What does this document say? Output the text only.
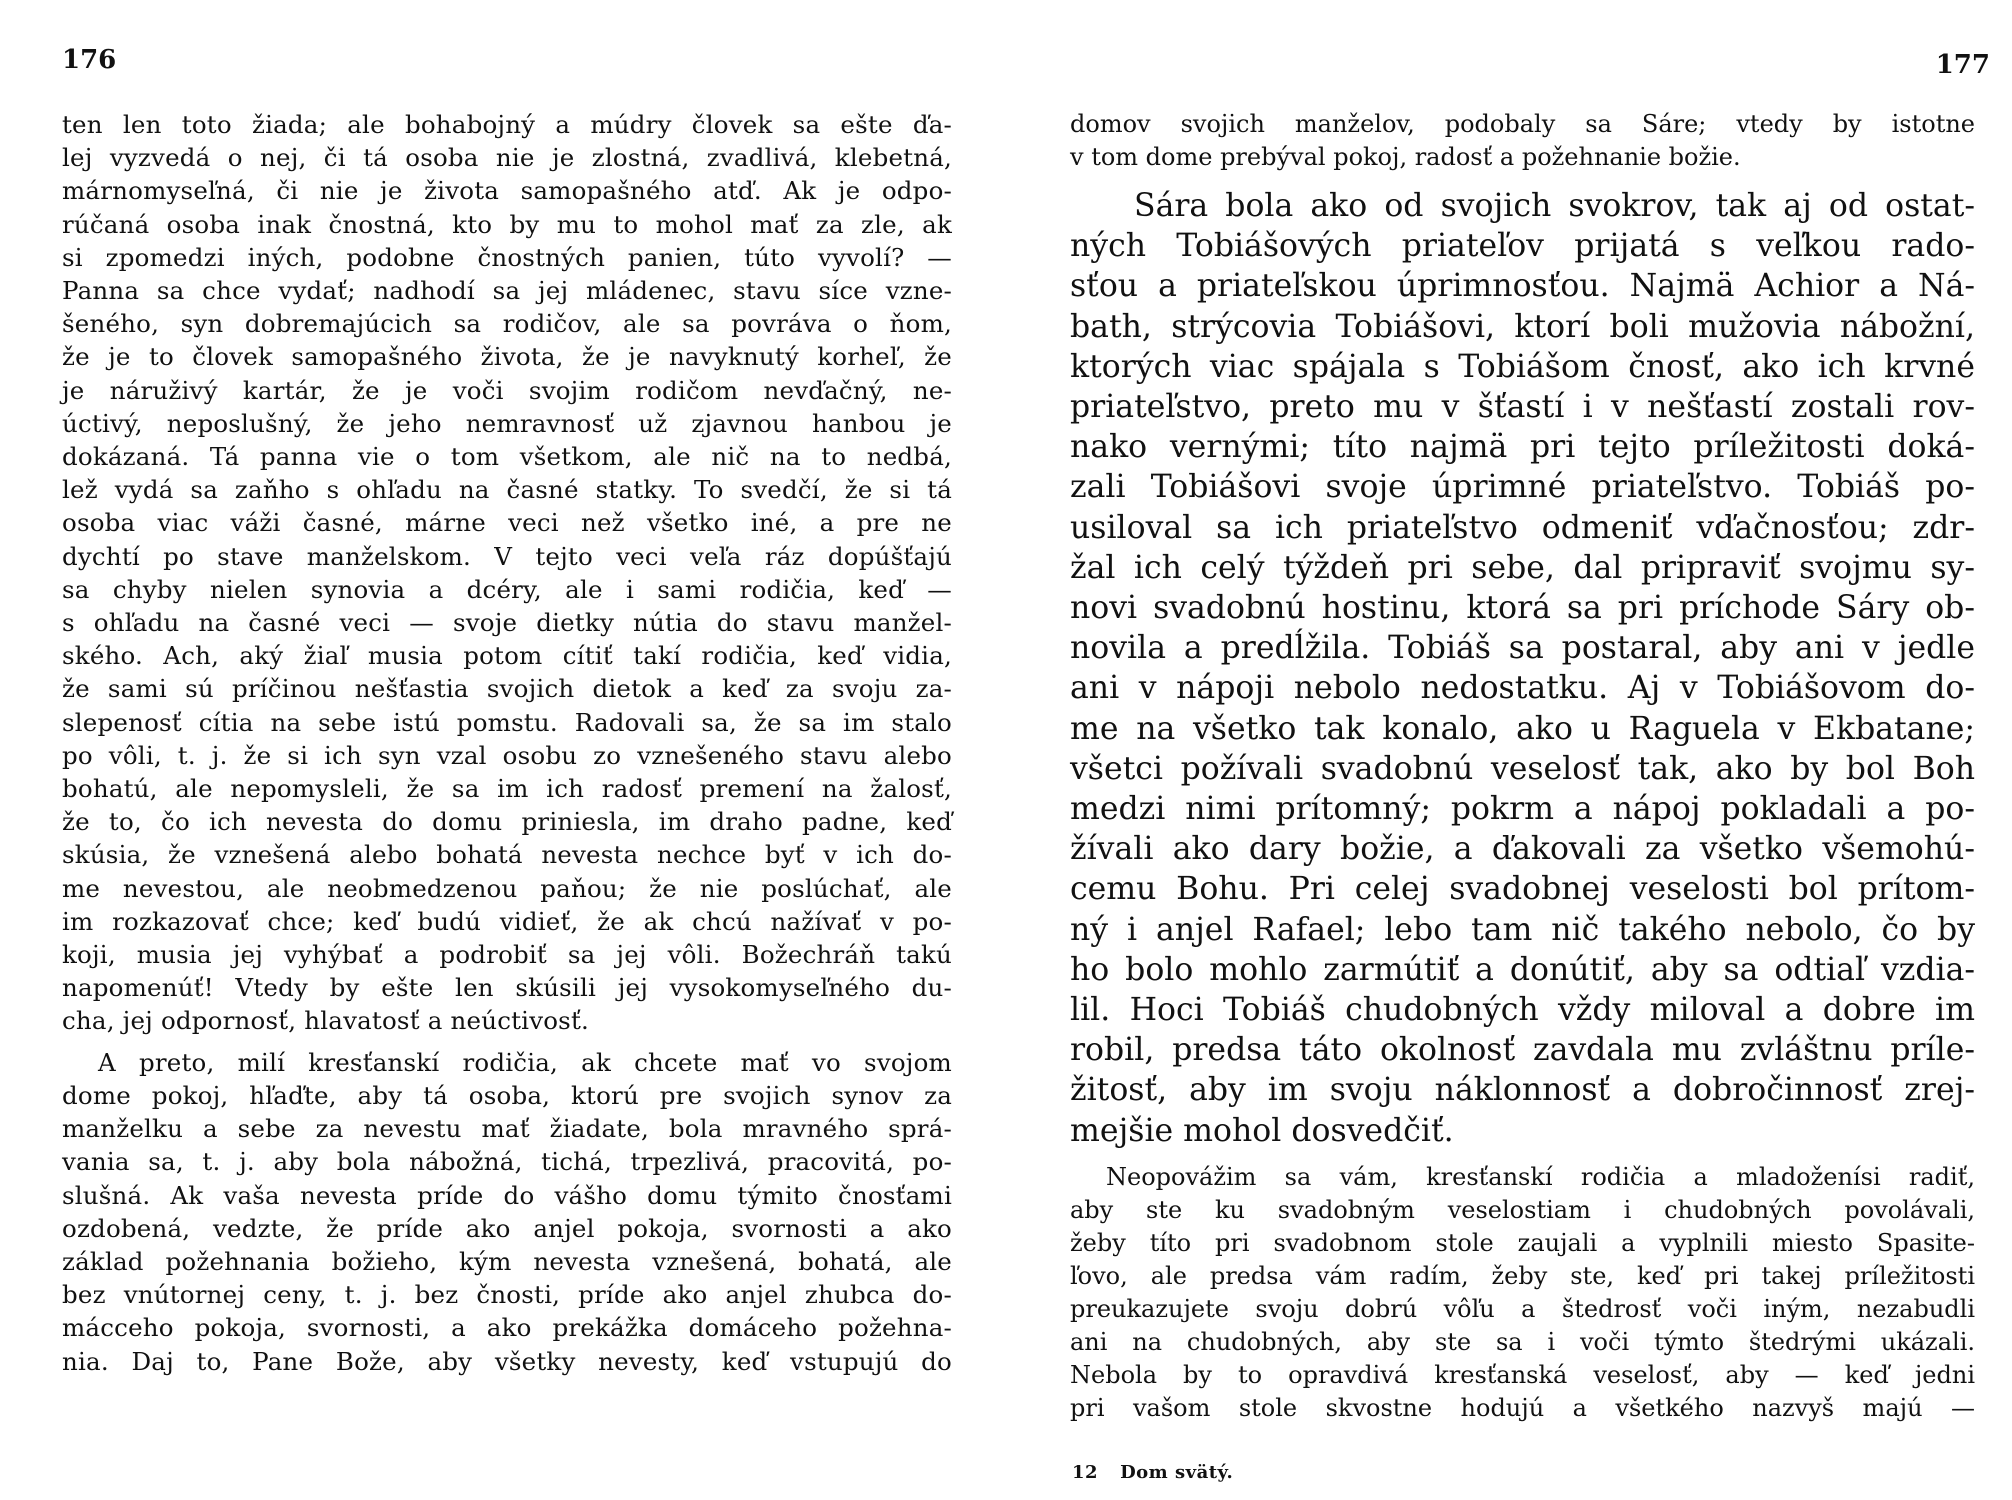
176
ten len toto žiada; ale bohabojný a múdry človek sa ešte ďa-
lej vyzvedá o nej, či tá osoba nie je zlostná, zvadlivá, klebetná,
márnomyseľná, či nie je života samopašného atď. Ak je odpo-
rúčaná osoba inak čnostná, kto by mu to mohol mať za zle, ak
si zpomedzi iných, podobne čnostných panien, túto vyvolí? —
Panna sa chce vydať; nadhodí sa jej mládenec, stavu síce vzne-
šeného, syn dobremajúcich sa rodičov, ale sa povráva o ňom,
že je to človek samopašného života, že je navyknutý korheľ, že
je náruživý kartár, že je voči svojim rodičom nevďačný, ne-
úctivý, neposlušný, že jeho nemravnosť už zjavnou hanbou je
dokázaná. Tá panna vie o tom všetkom, ale nič na to nedbá,
lež vydá sa zaňho s ohľadu na časné statky. To svedčí, že si tá
osoba viac váži časné, márne veci než všetko iné, a pre ne
dychtí po stave manželskom. V tejto veci veľa ráz dopúšťajú
sa chyby nielen synovia a dcéry, ale i sami rodičia, keď —
s ohľadu na časné veci — svoje dietky nútia do stavu manžel-
ského. Ach, aký žiaľ musia potom cítiť takí rodičia, keď vidia,
že sami sú príčinou nešťastia svojich dietok a keď za svoju za-
slepenosť cítia na sebe istú pomstu. Radovali sa, že sa im stalo
po vôli, t. j. že si ich syn vzal osobu zo vznešeného stavu alebo
bohatú, ale nepomysleli, že sa im ich radosť premení na žalosť,
že to, čo ich nevesta do domu priniesla, im draho padne, keď
skúsia, že vznešená alebo bohatá nevesta nechce byť v ich do-
me nevestou, ale neobmedzenou paňou; že nie poslúchať, ale
im rozkazovať chce; keď budú vidieť, že ak chcú nažívať v po-
koji, musia jej vyhýbať a podrobiť sa jej vôli. Božechráň takú
napomenúť! Vtedy by ešte len skúsili jej vysokomyseľného du-
cha, jej odpornosť, hlavatosť a neúctivosť.
A preto, milí kresťanskí rodičia, ak chcete mať vo svojom
dome pokoj, hľaďte, aby tá osoba, ktorú pre svojich synov za
manželku a sebe za nevestu mať žiadate, bola mravného sprá-
vania sa, t. j. aby bola nábožná, tichá, trpezlivá, pracovitá, po-
slušná. Ak vaša nevesta príde do vášho domu týmito čnosťami
ozdobená, vedzte, že príde ako anjel pokoja, svornosti a ako
základ požehnania božieho, kým nevesta vznešená, bohatá, ale
bez vnútornej ceny, t. j. bez čnosti, príde ako anjel zhubca do-
mácceho pokoja, svornosti, a ako prekážka domáceho požehna-
nia. Daj to, Pane Bože, aby všetky nevesty, keď vstupujú do
177
domov svojich manželov, podobaly sa Sáre; vtedy by istotne
v tom dome prebýval pokoj, radosť a požehnanie božie.
Sára bola ako od svojich svokrov, tak aj od ostat-
ných Tobiášových priateľov prijatá s veľkou rado-
sťou a priateľskou úprimnosťou. Najmä Achior a Ná-
bath, strýcovia Tobiášovi, ktorí boli mužovia nábožní,
ktorých viac spájala s Tobiášom čnosť, ako ich krvné
priateľstvo, preto mu v šťastí i v nešťastí zostali rov-
nako vernými; títo najmä pri tejto príležitosti doká-
zali Tobiášovi svoje úprimné priateľstvo. Tobiáš po-
usiloval sa ich priateľstvo odmeniť vďačnosťou; zdr-
žal ich celý týždeň pri sebe, dal pripraviť svojmu sy-
novi svadobnú hostinu, ktorá sa pri príchode Sáry ob-
novila a predĺžila. Tobiáš sa postaral, aby ani v jedle
ani v nápoji nebolo nedostatku. Aj v Tobiášovom do-
me na všetko tak konalo, ako u Raguela v Ekbatane;
všetci požívali svadobnú veselosť tak, ako by bol Boh
medzi nimi prítomný; pokrm a nápoj pokladali a po-
žívali ako dary božie, a ďakovali za všetko všemohú-
cemu Bohu. Pri celej svadobnej veselosti bol prítom-
ný i anjel Rafael; lebo tam nič takého nebolo, čo by
ho bolo mohlo zarmútiť a donútiť, aby sa odtiaľ vzdia-
lil. Hoci Tobiáš chudobných vždy miloval a dobre im
robil, predsa táto okolnosť zavdala mu zvláštnu príle-
žitosť, aby im svoju náklonnosť a dobročinnosť zrej-
mejšie mohol dosvedčiť.
Neopovážim sa vám, kresťanskí rodičia a mladoženísi radiť,
aby ste ku svadobným veselostiam i chudobných povolávali,
žeby títo pri svadobnom stole zaujali a vyplnili miesto Spasite-
ľovo, ale predsa vám radím, žeby ste, keď pri takej príležitosti
preukazujete svoju dobrú vôľu a štedrosť voči iným, nezabudli
ani na chudobných, aby ste sa i voči týmto štedrými ukázali.
Nebola by to opravdivá kresťanská veselosť, aby — keď jedni
pri vašom stole skvostne hodujú a všetkého nazvyš majú —
12 Dom svätý.
